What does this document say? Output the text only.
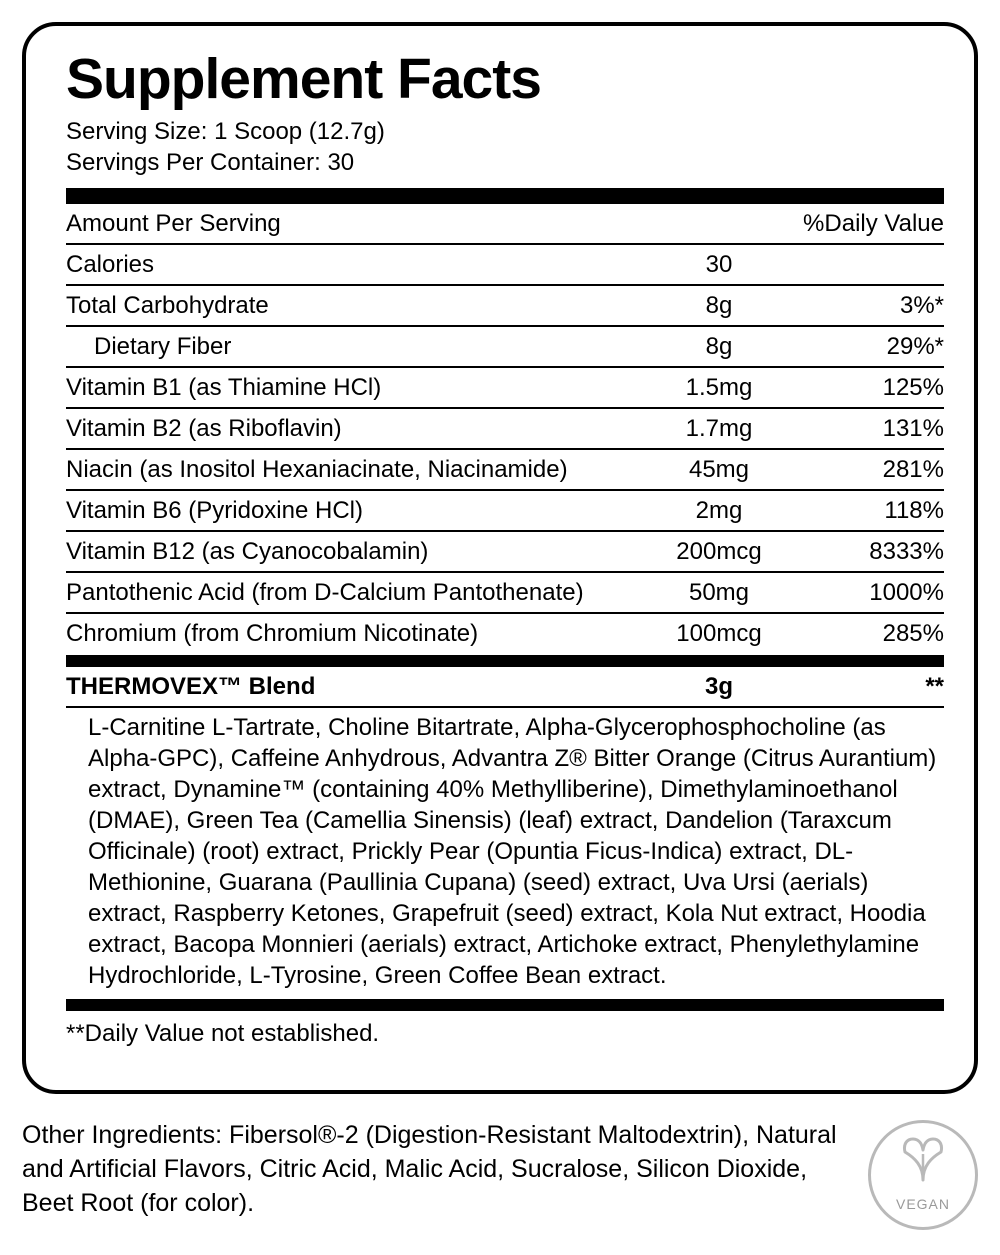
Supplement Facts
Serving Size: 1 Scoop (12.7g)
Servings Per Container: 30
Amount Per Serving		%Daily Value
Calories	30	
Total Carbohydrate	8g	3%*
Dietary Fiber	8g	29%*
Vitamin B1 (as Thiamine HCl)	1.5mg	125%
Vitamin B2 (as Riboflavin)	1.7mg	131%
Niacin (as Inositol Hexaniacinate, Niacinamide)	45mg	281%
Vitamin B6 (Pyridoxine HCl)	2mg	118%
Vitamin B12 (as Cyanocobalamin)	200mcg	8333%
Pantothenic Acid (from D-Calcium Pantothenate)	50mg	1000%
Chromium (from Chromium Nicotinate)	100mcg	285%
THERMOVEX™ Blend	3g	**
L-Carnitine L-Tartrate, Choline Bitartrate, Alpha-Glycerophosphocholine (as Alpha-GPC), Caffeine Anhydrous, Advantra Z® Bitter Orange (Citrus Aurantium) extract, Dynamine™ (containing 40% Methylliberine), Dimethylaminoethanol (DMAE), Green Tea (Camellia Sinensis) (leaf) extract, Dandelion (Taraxcum Officinale) (root) extract, Prickly Pear (Opuntia Ficus-Indica) extract, DL-Methionine, Guarana (Paullinia Cupana) (seed) extract, Uva Ursi (aerials) extract, Raspberry Ketones, Grapefruit (seed) extract, Kola Nut extract, Hoodia extract, Bacopa Monnieri (aerials) extract, Artichoke extract, Phenylethylamine Hydrochloride, L-Tyrosine, Green Coffee Bean extract.
**Daily Value not established.
Other Ingredients: Fibersol®-2 (Digestion-Resistant Maltodextrin), Natural and Artificial Flavors, Citric Acid, Malic Acid, Sucralose, Silicon Dioxide, Beet Root (for color).	VEGAN
